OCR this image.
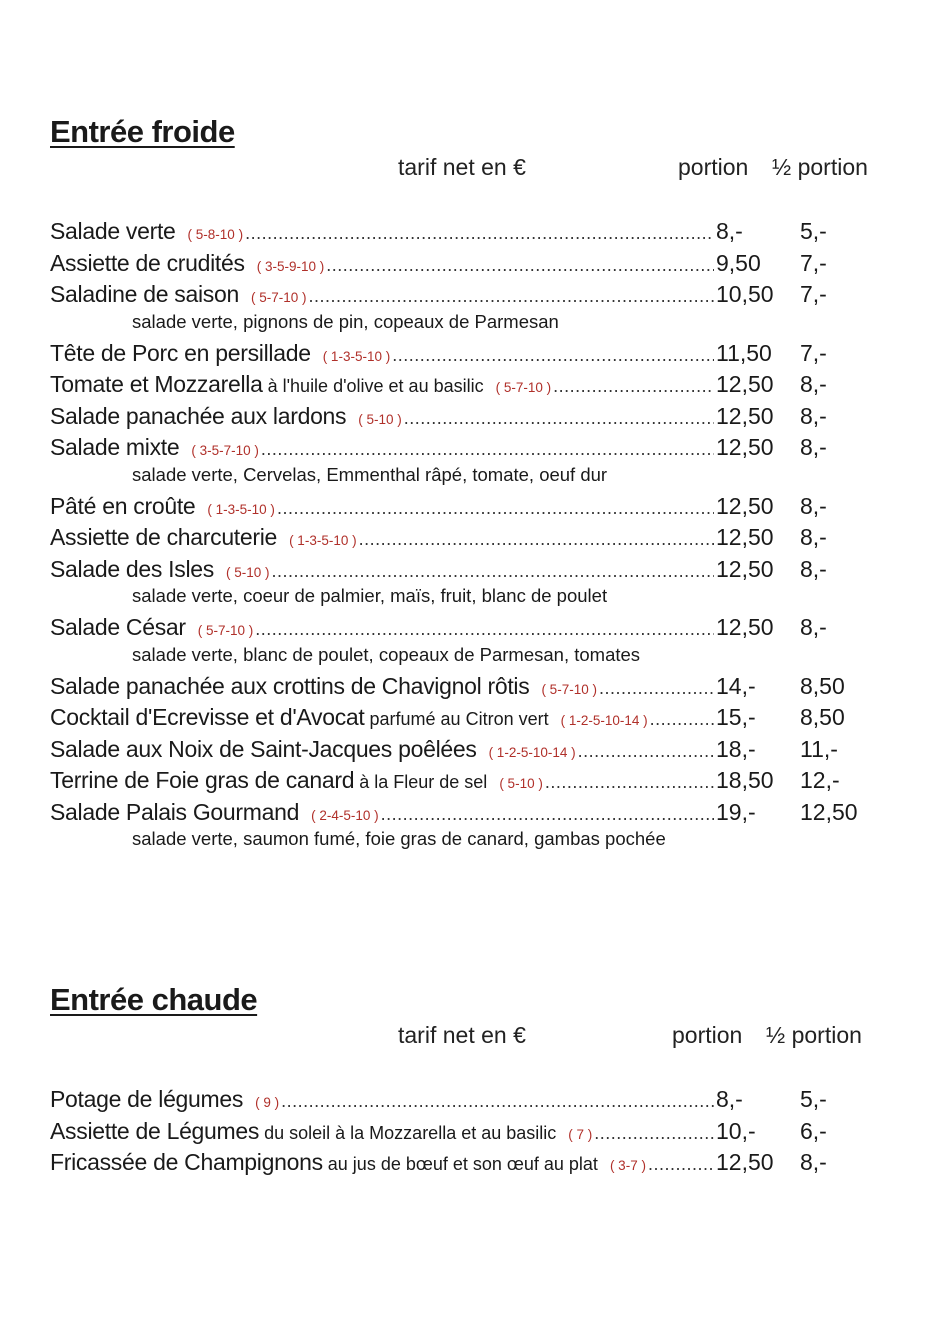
Entrée froide
tarif net en €	portion ½ portion
Salade verte ( 5-8-10 ) .....	8,-	5,-
Assiette de crudités ( 3-5-9-10 ) .....	9,50	7,-
Saladine de saison ( 5-7-10 ) .....	10,50	7,-
salade verte, pignons de pin, copeaux de Parmesan
Tête de Porc en persillade ( 1-3-5-10 ) .....	11,50	7,-
Tomate et Mozzarella à l'huile d'olive et au basilic ( 5-7-10 ) .....	12,50	8,-
Salade panachée aux lardons ( 5-10 ) .....	12,50	8,-
Salade mixte ( 3-5-7-10 ) .....	12,50	8,-
salade verte, Cervelas, Emmenthal râpé, tomate, oeuf dur
Pâté en croûte ( 1-3-5-10 ) .....	12,50	8,-
Assiette de charcuterie ( 1-3-5-10 ) .....	12,50	8,-
Salade des Isles ( 5-10 ) .....	12,50	8,-
salade verte, coeur de palmier, maïs, fruit, blanc de poulet
Salade César ( 5-7-10 ) .....	12,50	8,-
salade verte, blanc de poulet, copeaux de Parmesan, tomates
Salade panachée aux crottins de Chavignol rôtis ( 5-7-10 ) .....	14,-	8,50
Cocktail d'Ecrevisse et d'Avocat parfumé au Citron vert ( 1-2-5-10-14 ) .....	15,-	8,50
Salade aux Noix de Saint-Jacques poêlées ( 1-2-5-10-14 ) .....	18,-	11,-
Terrine de Foie gras de canard à la Fleur de sel ( 5-10 ) .....	18,50	12,-
Salade Palais Gourmand ( 2-4-5-10 ) .....	19,-	12,50
salade verte, saumon fumé, foie gras de canard, gambas pochée
Entrée chaude
tarif net en €	portion ½ portion
Potage de légumes ( 9 ) .....	8,-	5,-
Assiette de Légumes du soleil à la Mozzarella et au basilic ( 7 ) .....	10,-	6,-
Fricassée de Champignons au jus de bœuf et son œuf au plat ( 3-7 ) .....	12,50	8,-
